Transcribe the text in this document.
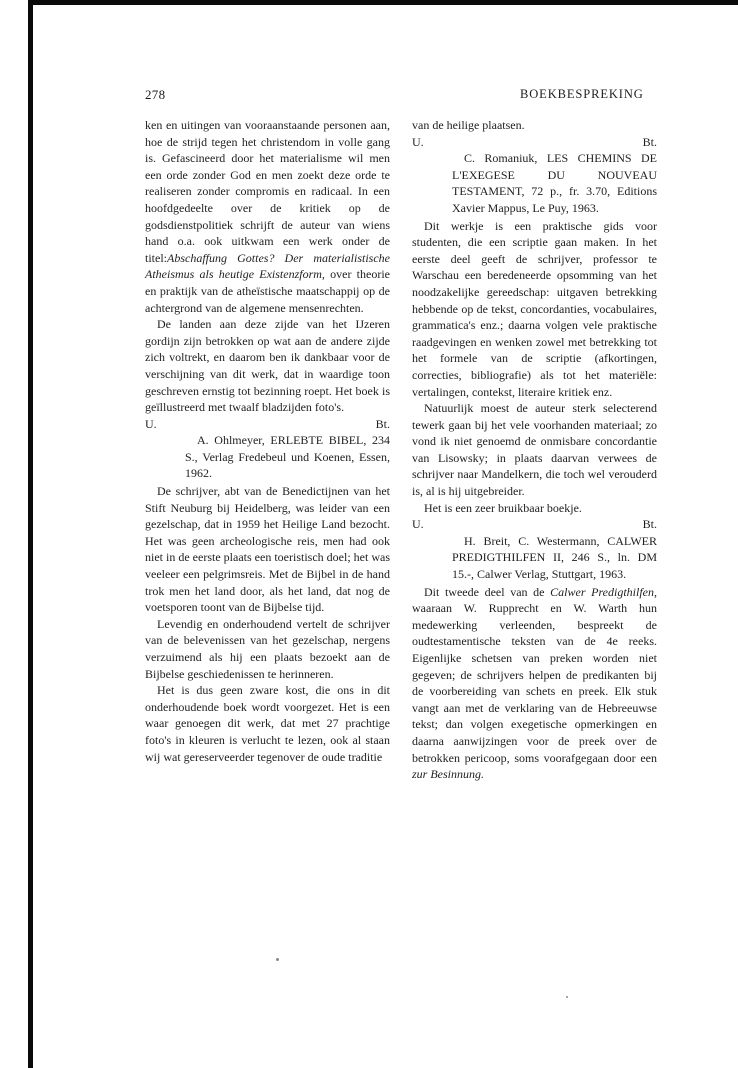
278	BOEKBESPREKING

ken en uitingen van vooraanstaande personen aan, hoe de strijd tegen het christendom in volle gang is. Gefascineerd door het materialisme wil men een orde zonder God en men zoekt deze orde te realiseren zonder compromis en radicaal. In een hoofdgedeelte over de kritiek op de godsdienstpolitiek schrijft de auteur van wiens hand o.a. ook uitkwam een werk onder de titel:Abschaffung Gottes? Der materialistische Atheismus als heutige Existenzform, over theorie en praktijk van de atheïstische maatschappij op de achtergrond van de algemene mensenrechten.

De landen aan deze zijde van het IJzeren gordijn zijn betrokken op wat aan de andere zijde zich voltrekt, en daarom ben ik dankbaar voor de verschijning van dit werk, dat in waardige toon geschreven ernstig tot bezinning roept. Het boek is geïllustreerd met twaalf bladzijden foto's.

U.	Bt.

A. Ohlmeyer, ERLEBTE BIBEL, 234 S., Verlag Fredebeul und Koenen, Essen, 1962.

De schrijver, abt van de Benedictijnen van het Stift Neuburg bij Heidelberg, was leider van een gezelschap, dat in 1959 het Heilige Land bezocht. Het was geen archeologische reis, men had ook niet in de eerste plaats een toeristisch doel; het was veeleer een pelgrimsreis. Met de Bijbel in de hand trok men het land door, als het land, dat nog de voetsporen toont van de Bijbelse tijd.

Levendig en onderhoudend vertelt de schrijver van de belevenissen van het gezelschap, nergens verzuimend als hij een plaats bezoekt aan de Bijbelse geschiedenissen te herinneren.

Het is dus geen zware kost, die ons in dit onderhoudende boek wordt voorgezet. Het is een waar genoegen dit werk, dat met 27 prachtige foto's in kleuren is verlucht te lezen, ook al staan wij wat gereserveerder tegenover de oude traditie

van de heilige plaatsen.

U.	Bt.

C. Romaniuk, LES CHEMINS DE L'EXEGESE DU NOUVEAU TESTAMENT, 72 p., fr. 3.70, Editions Xavier Mappus, Le Puy, 1963.

Dit werkje is een praktische gids voor studenten, die een scriptie gaan maken. In het eerste deel geeft de schrijver, professor te Warschau een beredeneerde opsomming van het noodzakelijke gereedschap: uitgaven betrekking hebbende op de tekst, concordanties, vocabulaires, grammatica's enz.; daarna volgen vele praktische raadgevingen en wenken zowel met betrekking tot het formele van de scriptie (afkortingen, correcties, bibliografie) als tot het materiële: vertalingen, contekst, literaire kritiek enz.

Natuurlijk moest de auteur sterk selecterend tewerk gaan bij het vele voorhanden materiaal; zo vond ik niet genoemd de onmisbare concordantie van Lisowsky; in plaats daarvan verwees de schrijver naar Mandelkern, die toch wel verouderd is, al is hij uitgebreider.

Het is een zeer bruikbaar boekje.

U.	Bt.

H. Breit, C. Westermann, CALWER PREDIGTHILFEN II, 246 S., ln. DM 15.-, Calwer Verlag, Stuttgart, 1963.

Dit tweede deel van de Calwer Predigthilfen, waaraan W. Rupprecht en W. Warth hun medewerking verleenden, bespreekt de oudtestamentische teksten van de 4e reeks. Eigenlijke schetsen van preken worden niet gegeven; de schrijvers helpen de predikanten bij de voorbereiding van schets en preek. Elk stuk vangt aan met de verklaring van de Hebreeuwse tekst; dan volgen exegetische opmerkingen en daarna aanwijzingen voor de preek over de betrokken pericoop, soms voorafgegaan door een zur Besinnung.
